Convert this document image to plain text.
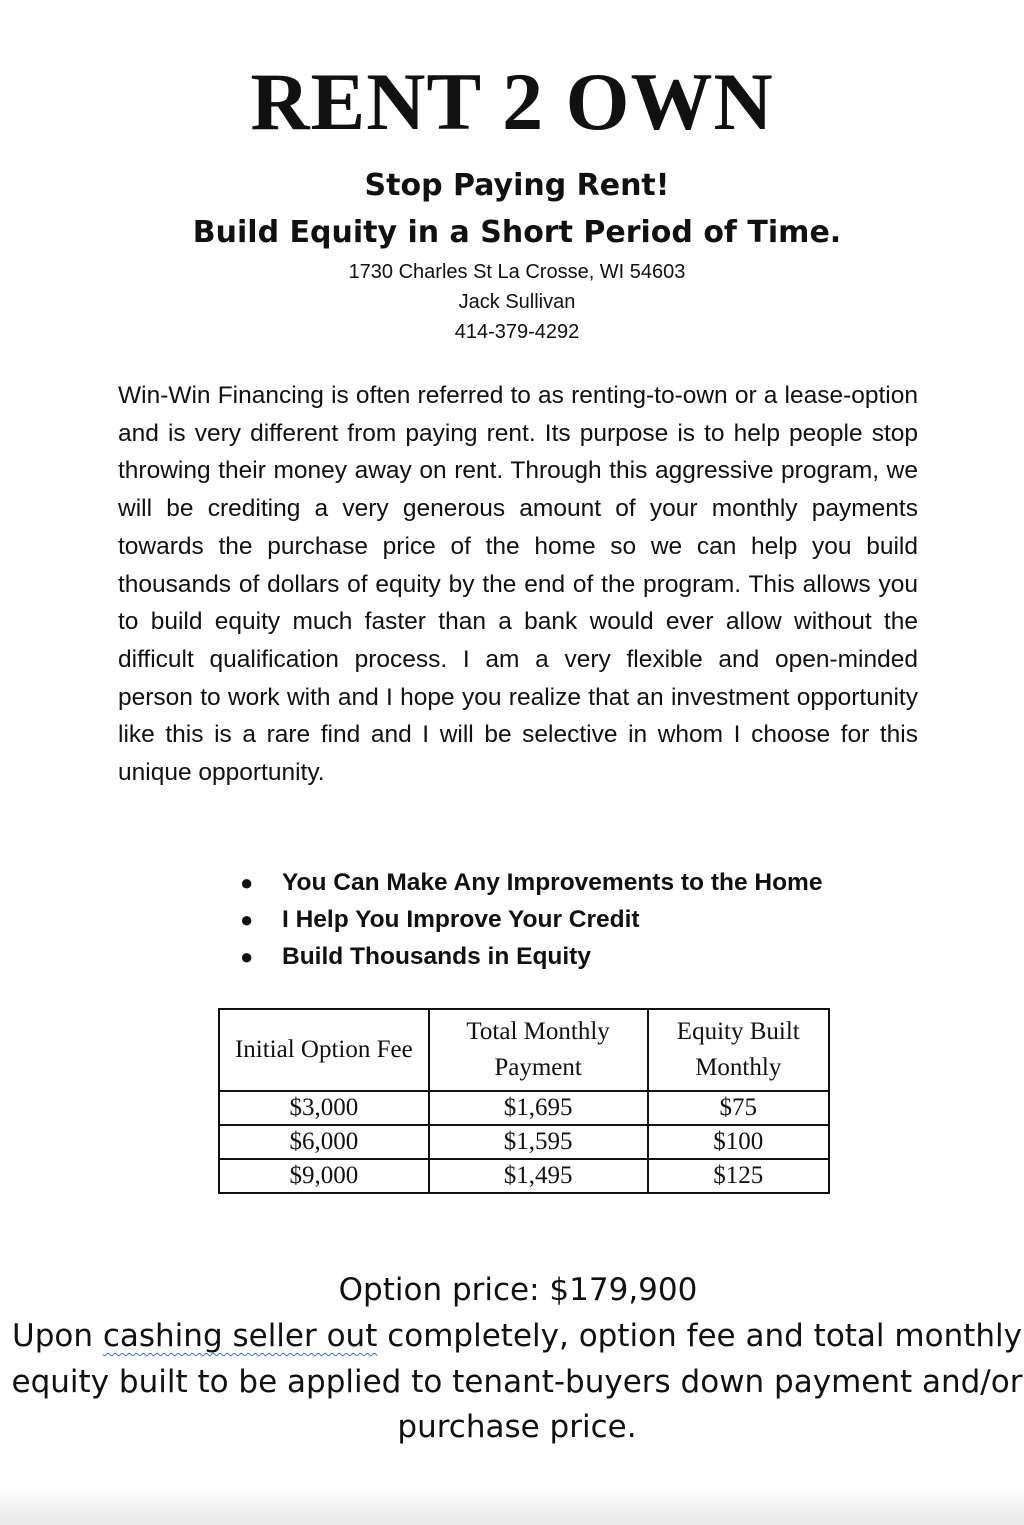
RENT 2 OWN

Stop Paying Rent!

Build Equity in a Short Period of Time.

1730 Charles St La Crosse, WI 54603

Jack Sullivan

414-379-4292

Win-Win Financing is often referred to as renting-to-own or a lease-option and is very different from paying rent. Its purpose is to help people stop throwing their money away on rent. Through this aggressive program, we will be crediting a very generous amount of your monthly payments towards the purchase price of the home so we can help you build thousands of dollars of equity by the end of the program. This allows you to build equity much faster than a bank would ever allow without the difficult qualification process. I am a very flexible and open-minded person to work with and I hope you realize that an investment opportunity like this is a rare find and I will be selective in whom I choose for this unique opportunity.

● You Can Make Any Improvements to the Home
● I Help You Improve Your Credit
● Build Thousands in Equity
Initial Option Fee	Total Monthly Payment	Equity Built Monthly
$3,000	$1,695	$75
$6,000	$1,595	$100
$9,000	$1,495	$125

Option price: $179,900

Upon cashing seller out completely, option fee and total monthly equity built to be applied to tenant-buyers down payment and/or purchase price.
